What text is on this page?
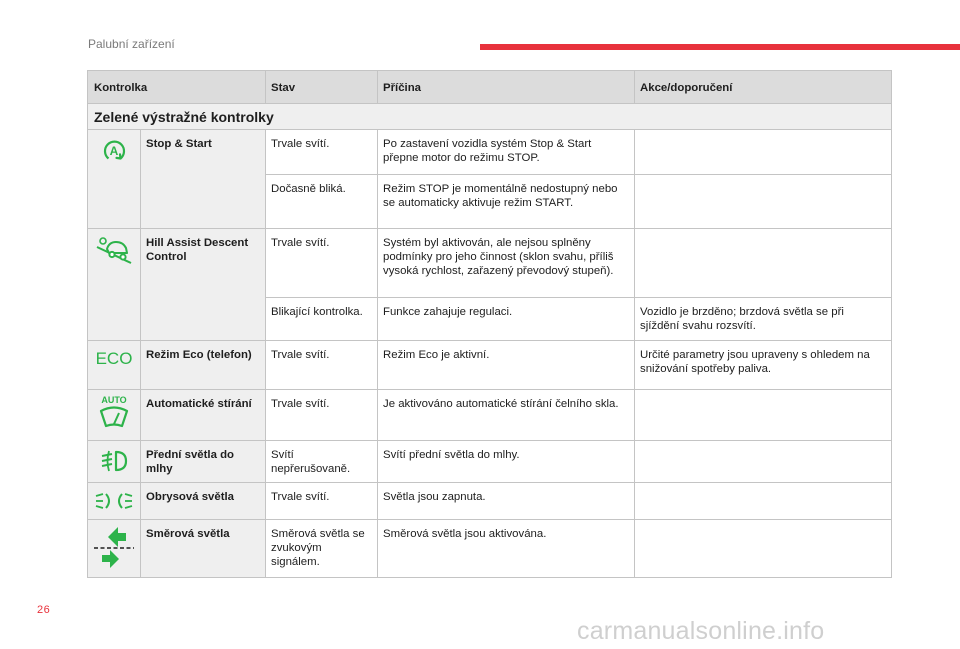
Palubní zařízení
Kontrolka		Stav	Příčina	Akce/doporučení
Zelené výstražné kontrolky				

A	Stop & Start	Trvale svítí.	Po zastavení vozidla systém Stop & Start přepne motor do režimu STOP.	
		Dočasně bliká.	Režim STOP je momentálně nedostupný nebo se automaticky aktivuje režim START.	

	Hill Assist Descent Control	Trvale svítí.	Systém byl aktivován, ale nejsou splněny podmínky pro jeho činnost (sklon svahu, příliš vysoká rychlost, zařazený převodový stupeň).	
		Blikající kontrolka.	Funkce zahajuje regulaci.	Vozidlo je brzděno; brzdová světla se při sjíždění svahu rozsvítí.

ECO	Režim Eco (telefon)	Trvale svítí.	Režim Eco je aktivní.	Určité parametry jsou upraveny s ohledem na snižování spotřeby paliva.

AUTO	Automatické stírání	Trvale svítí.	Je aktivováno automatické stírání čelního skla.	

	Přední světla do mlhy	Svítí nepřerušovaně.	Svítí přední světla do mlhy.	

	Obrysová světla	Trvale svítí.	Světla jsou zapnuta.	

	Směrová světla	Směrová světla se zvukovým signálem.	Směrová světla jsou aktivována.	
26
carmanualsonline.info
